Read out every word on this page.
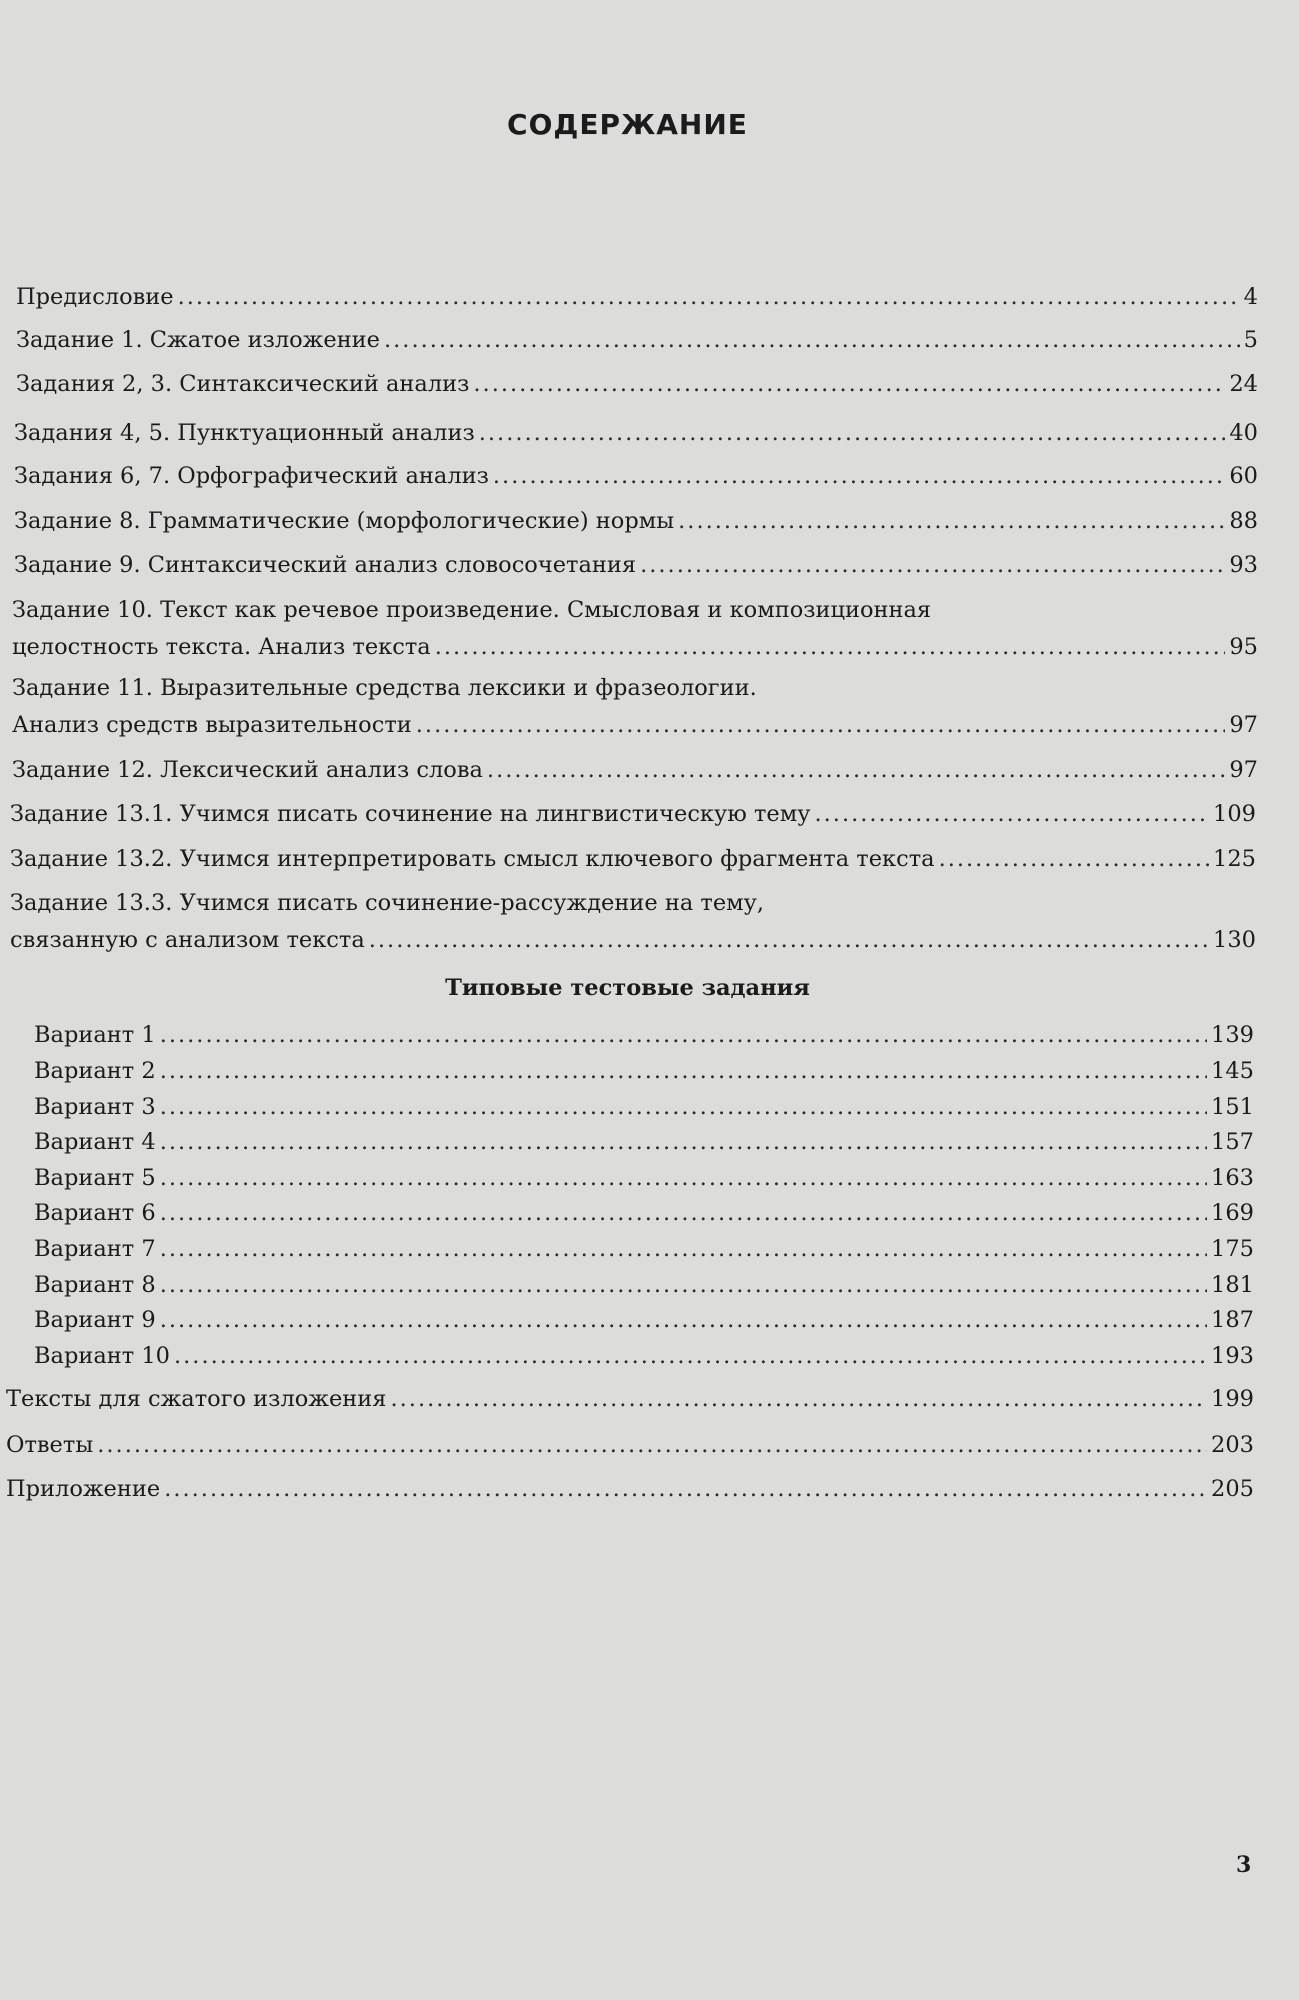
СОДЕРЖАНИЕ
Предисловие .....	4
Задание 1. Сжатое изложение .....	5
Задания 2, 3. Синтаксический анализ .....	24
Задания 4, 5. Пунктуационный анализ .....	40
Задания 6, 7. Орфографический анализ .....	60
Задание 8. Грамматические (морфологические) нормы .....	88
Задание 9. Синтаксический анализ словосочетания .....	93
Задание 10. Текст как речевое произведение. Смысловая и композиционная
целостность текста. Анализ текста .....	95
Задание 11. Выразительные средства лексики и фразеологии.
Анализ средств выразительности .....	97
Задание 12. Лексический анализ слова .....	97
Задание 13.1. Учимся писать сочинение на лингвистическую тему .....	109
Задание 13.2. Учимся интерпретировать смысл ключевого фрагмента текста .....	125
Задание 13.3. Учимся писать сочинение-рассуждение на тему,
связанную с анализом текста .....	130
Типовые тестовые задания
Вариант 1 .....	139
Вариант 2 .....	145
Вариант 3 .....	151
Вариант 4 .....	157
Вариант 5 .....	163
Вариант 6 .....	169
Вариант 7 .....	175
Вариант 8 .....	181
Вариант 9 .....	187
Вариант 10 .....	193
Тексты для сжатого изложения .....	199
Ответы .....	203
Приложение .....	205
3
